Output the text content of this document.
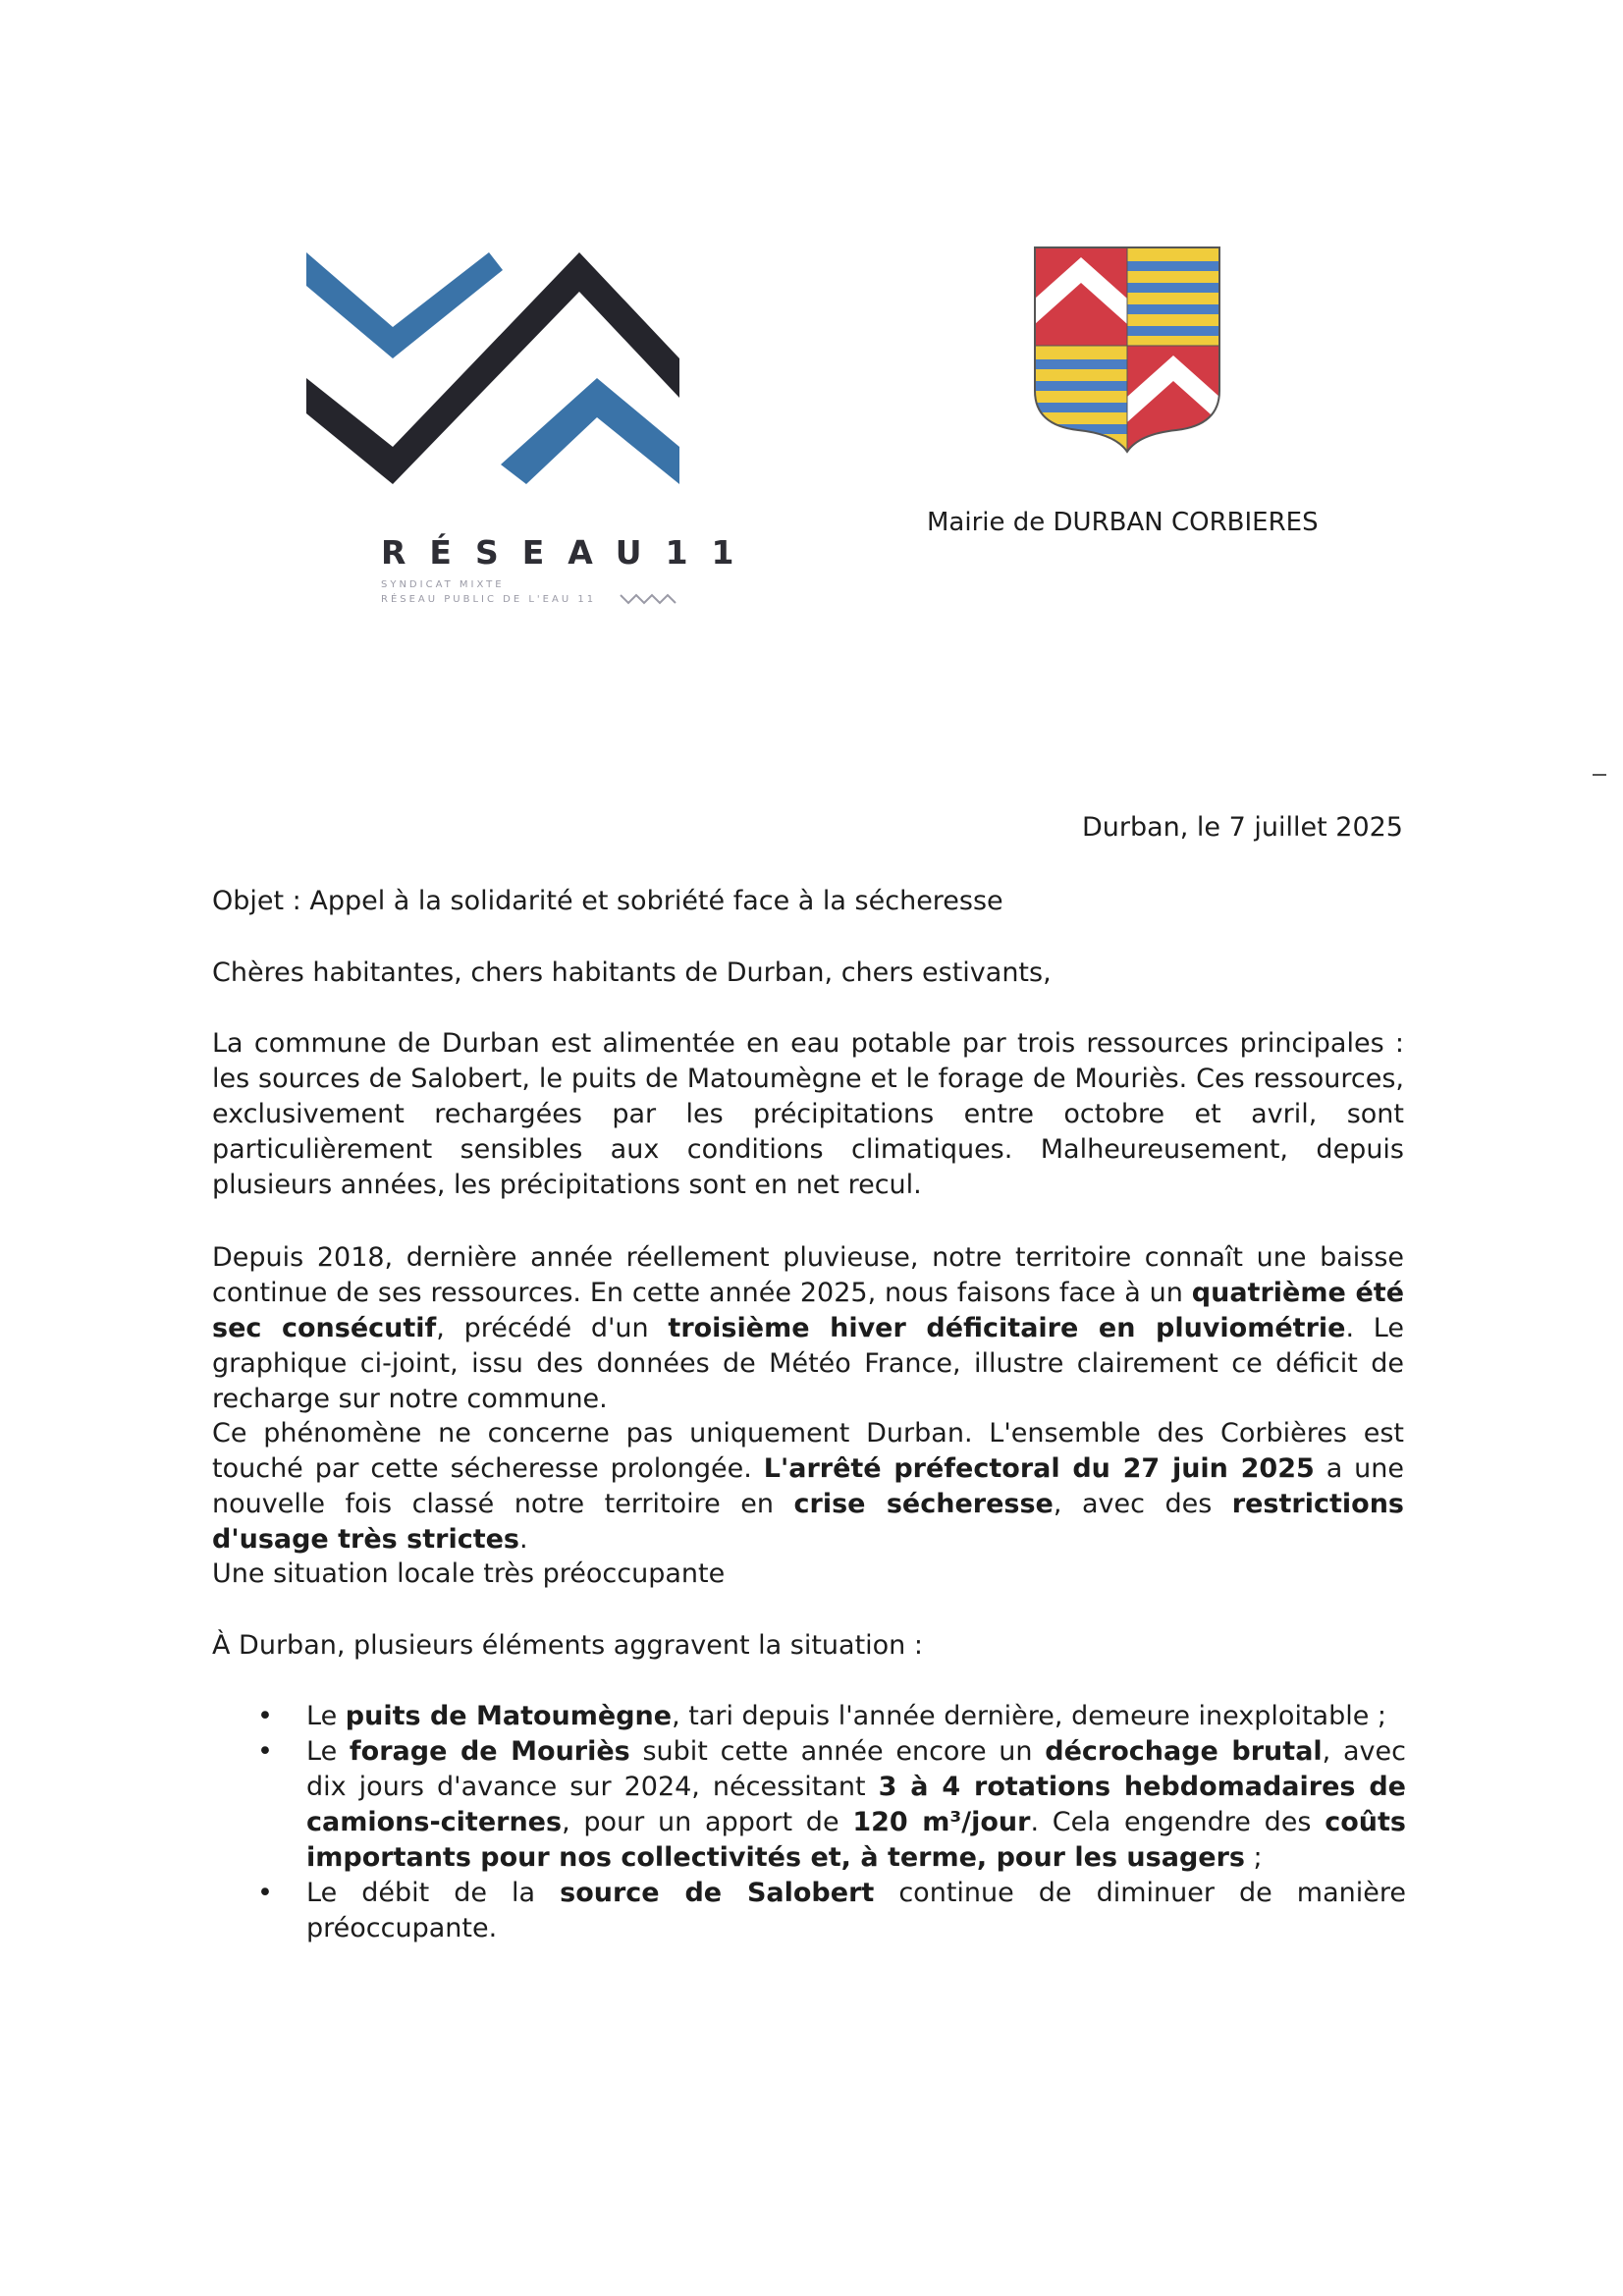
RÉSEAU11
SYNDICAT MIXTE
RÉSEAU PUBLIC DE L'EAU 11
Mairie de DURBAN CORBIERES
Durban, le 7 juillet 2025
Objet : Appel à la solidarité et sobriété face à la sécheresse
Chères habitantes, chers habitants de Durban, chers estivants,

La commune de Durban est alimentée en eau potable par trois ressources principales : les sources de Salobert, le puits de Matoumègne et le forage de Mouriès. Ces ressources, exclusivement rechargées par les précipitations entre octobre et avril, sont particulièrement sensibles aux conditions climatiques. Malheureusement, depuis plusieurs années, les précipitations sont en net recul.

Depuis 2018, dernière année réellement pluvieuse, notre territoire connaît une baisse continue de ses ressources. En cette année 2025, nous faisons face à un quatrième été sec consécutif, précédé d'un troisième hiver déficitaire en pluviométrie. Le graphique ci-joint, issu des données de Météo France, illustre clairement ce déficit de recharge sur notre commune.

Ce phénomène ne concerne pas uniquement Durban. L'ensemble des Corbières est touché par cette sécheresse prolongée. L'arrêté préfectoral du 27 juin 2025 a une nouvelle fois classé notre territoire en crise sécheresse, avec des restrictions d'usage très strictes.

Une situation locale très préoccupante
À Durban, plusieurs éléments aggravent la situation :
• Le puits de Matoumègne, tari depuis l'année dernière, demeure inexploitable ;
• Le forage de Mouriès subit cette année encore un décrochage brutal, avec dix jours d'avance sur 2024, nécessitant 3 à 4 rotations hebdomadaires de camions-citernes, pour un apport de 120 m³/jour. Cela engendre des coûts importants pour nos collectivités et, à terme, pour les usagers ;
• Le débit de la source de Salobert continue de diminuer de manière préoccupante.
